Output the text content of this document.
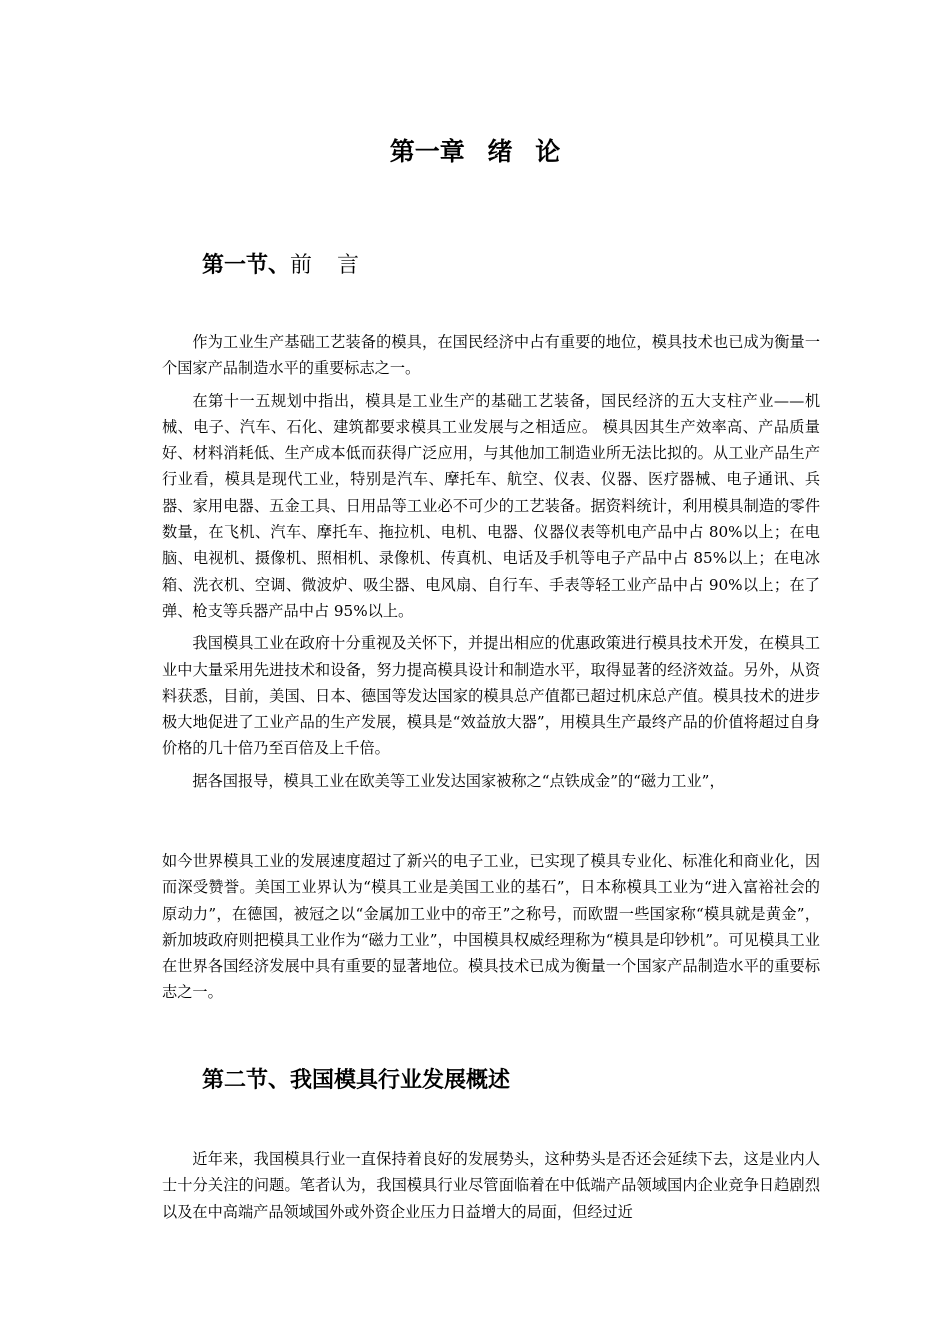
第一章 绪 论
第一节、前 言

作为工业生产基础工艺装备的模具，在国民经济中占有重要的地位，模具技术也已成为衡量一个国家产品制造水平的重要标志之一。

在第十一五规划中指出，模具是工业生产的基础工艺装备，国民经济的五大支柱产业——机械、电子、汽车、石化、建筑都要求模具工业发展与之相适应。 模具因其生产效率高、产品质量好、材料消耗低、生产成本低而获得广泛应用，与其他加工制造业所无法比拟的。从工业产品生产行业看，模具是现代工业，特别是汽车、摩托车、航空、仪表、仪器、医疗器械、电子通讯、兵器、家用电器、五金工具、日用品等工业必不可少的工艺装备。据资料统计，利用模具制造的零件数量，在飞机、汽车、摩托车、拖拉机、电机、电器、仪器仪表等机电产品中占 80%以上；在电脑、电视机、摄像机、照相机、录像机、传真机、电话及手机等电子产品中占 85%以上；在电冰箱、洗衣机、空调、微波炉、吸尘器、电风扇、自行车、手表等轻工业产品中占 90%以上；在了弹、枪支等兵器产品中占 95%以上。

我国模具工业在政府十分重视及关怀下，并提出相应的优惠政策进行模具技术开发，在模具工业中大量采用先进技术和设备，努力提高模具设计和制造水平，取得显著的经济效益。另外，从资料获悉，目前，美国、日本、德国等发达国家的模具总产值都已超过机床总产值。模具技术的进步极大地促进了工业产品的生产发展，模具是“效益放大器”，用模具生产最终产品的价值将超过自身价格的几十倍乃至百倍及上千倍。

据各国报导，模具工业在欧美等工业发达国家被称之“点铁成金”的“磁力工业”，

如今世界模具工业的发展速度超过了新兴的电子工业，已实现了模具专业化、标准化和商业化，因而深受赞誉。美国工业界认为“模具工业是美国工业的基石”，日本称模具工业为“进入富裕社会的原动力”，在德国，被冠之以“金属加工业中的帝王”之称号，而欧盟一些国家称“模具就是黄金”，新加坡政府则把模具工业作为“磁力工业”，中国模具权威经理称为“模具是印钞机”。可见模具工业在世界各国经济发展中具有重要的显著地位。模具技术已成为衡量一个国家产品制造水平的重要标志之一。

第二节、我国模具行业发展概述

近年来，我国模具行业一直保持着良好的发展势头，这种势头是否还会延续下去，这是业内人士十分关注的问题。笔者认为，我国模具行业尽管面临着在中低端产品领域国内企业竞争日趋剧烈以及在中高端产品领域国外或外资企业压力日益增大的局面，但经过近
